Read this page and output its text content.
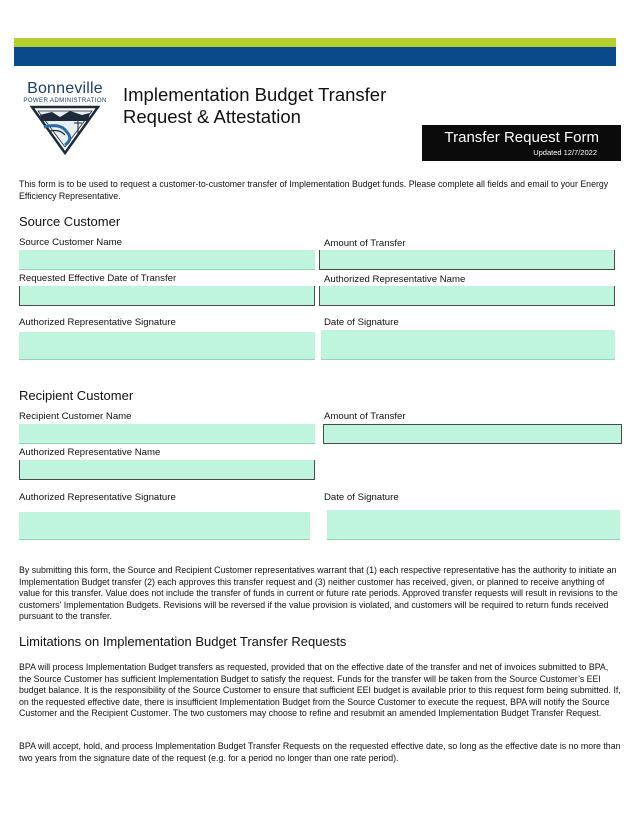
Bonneville
POWER ADMINISTRATION Implementation Budget Transfer
Request & Attestation
Transfer Request Form
Updated 12/7/2022
This form is to be used to request a customer-to-customer transfer of Implementation Budget funds. Please complete all fields and email to your Energy Efficiency Representative.
Source Customer
Source Customer Name	Amount of Transfer
Requested Effective Date of Transfer	Authorized Representative Name
Authorized Representative Signature	Date of Signature
Recipient Customer
Recipient Customer Name	Amount of Transfer
Authorized Representative Name
Authorized Representative Signature	Date of Signature
By submitting this form, the Source and Recipient Customer representatives warrant that (1) each respective representative has the authority to initiate an Implementation Budget transfer (2) each approves this transfer request and (3) neither customer has received, given, or planned to receive anything of value for this transfer. Value does not include the transfer of funds in current or future rate periods. Approved transfer requests will result in revisions to the customers' Implementation Budgets. Revisions will be reversed if the value provision is violated, and customers will be required to return funds received pursuant to the transfer.
Limitations on Implementation Budget Transfer Requests
BPA will process Implementation Budget transfers as requested, provided that on the effective date of the transfer and net of invoices submitted to BPA, the Source Customer has sufficient Implementation Budget to satisfy the request. Funds for the transfer will be taken from the Source Customer’s EEI budget balance. It is the responsibility of the Source Customer to ensure that sufficient EEI budget is available prior to this request form being submitted. If, on the requested effective date, there is insufficient Implementation Budget from the Source Customer to execute the request, BPA will notify the Source Customer and the Recipient Customer. The two customers may choose to refine and resubmit an amended Implementation Budget Transfer Request.
BPA will accept, hold, and process Implementation Budget Transfer Requests on the requested effective date, so long as the effective date is no more than two years from the signature date of the request (e.g. for a period no longer than one rate period).
